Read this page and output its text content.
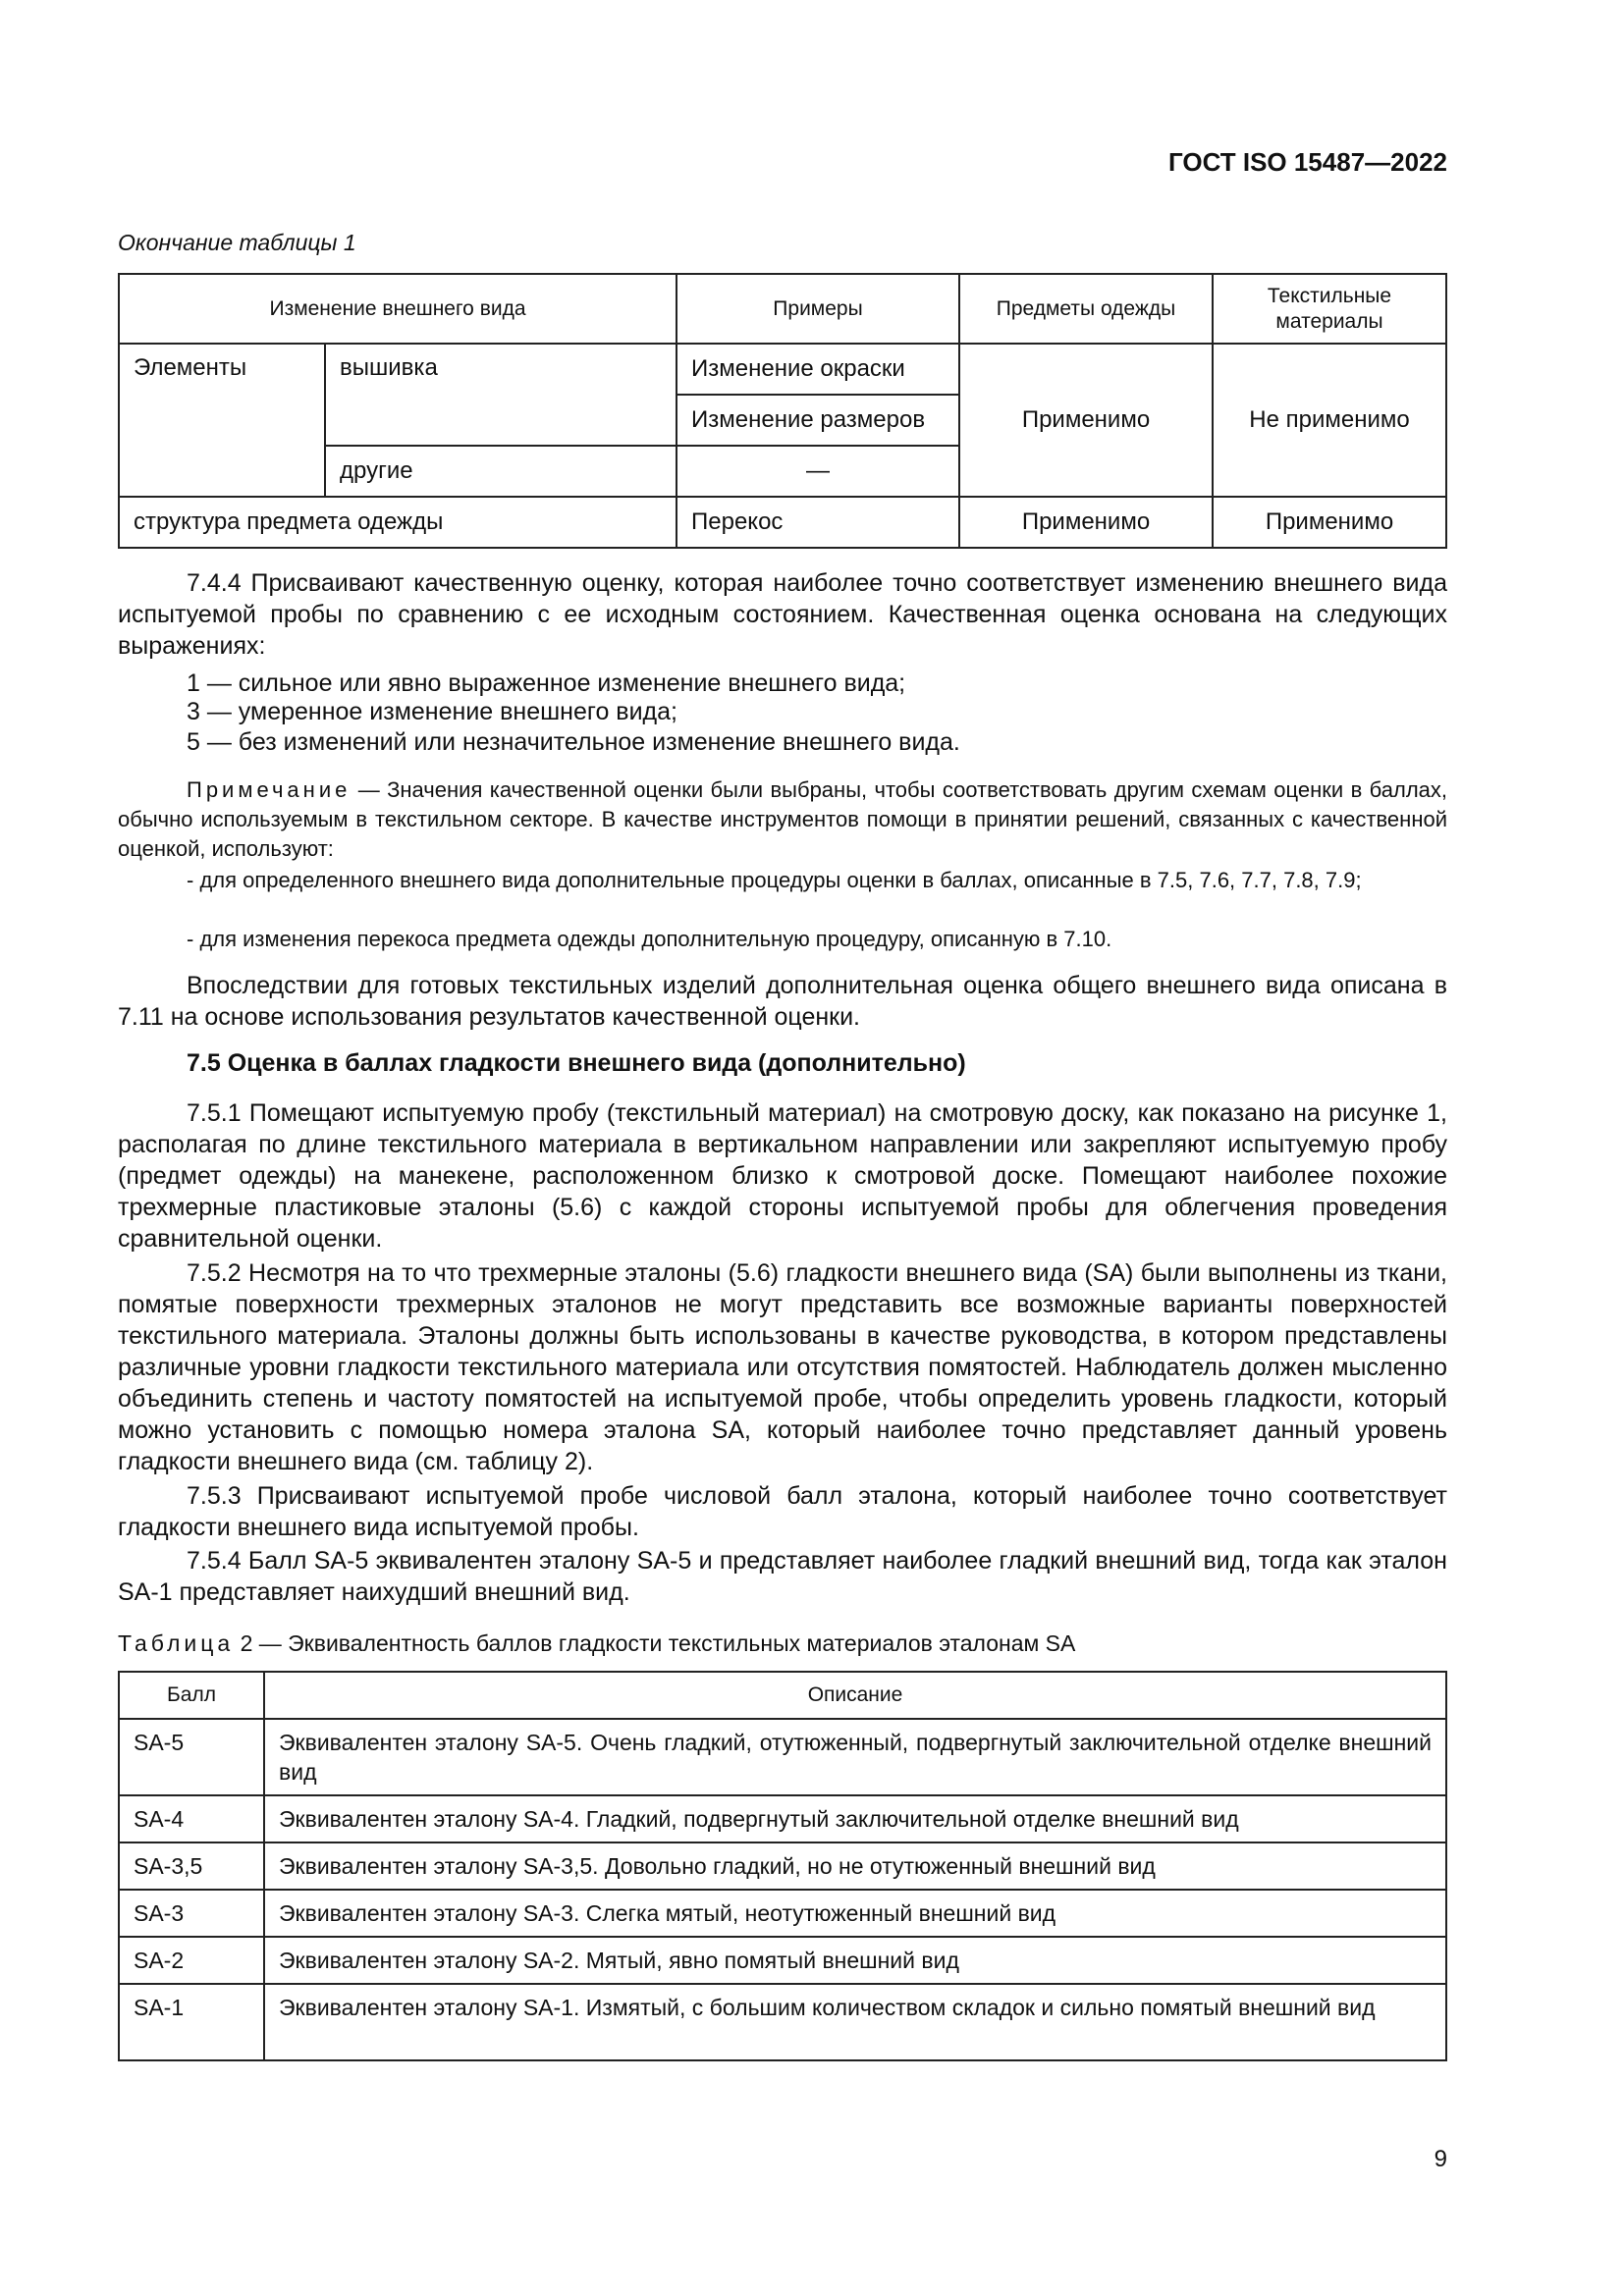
ГОСТ ISO 15487—2022
Окончание таблицы 1
Изменение внешнего вида		Примеры	Предметы одежды	Текстильные материалы
Элементы	вышивка	Изменение окраски	Применимо	Не применимо
		Изменение размеров		
	другие	—		
структура предмета одежды		Перекос	Применимо	Применимо
7.4.4 Присваивают качественную оценку, которая наиболее точно соответствует изменению внешнего вида испытуемой пробы по сравнению с ее исходным состоянием. Качественная оценка основана на следующих выражениях:
1 — сильное или явно выраженное изменение внешнего вида;
3 — умеренное изменение внешнего вида;
5 — без изменений или незначительное изменение внешнего вида.
Примечание — Значения качественной оценки были выбраны, чтобы соответствовать другим схемам оценки в баллах, обычно используемым в текстильном секторе. В качестве инструментов помощи в принятии решений, связанных с качественной оценкой, используют:
- для определенного внешнего вида дополнительные процедуры оценки в баллах, описанные в 7.5, 7.6, 7.7, 7.8, 7.9;
- для изменения перекоса предмета одежды дополнительную процедуру, описанную в 7.10.
Впоследствии для готовых текстильных изделий дополнительная оценка общего внешнего вида описана в 7.11 на основе использования результатов качественной оценки.
7.5 Оценка в баллах гладкости внешнего вида (дополнительно)
7.5.1 Помещают испытуемую пробу (текстильный материал) на смотровую доску, как показано на рисунке 1, располагая по длине текстильного материала в вертикальном направлении или закрепляют испытуемую пробу (предмет одежды) на манекене, расположенном близко к смотровой доске. Помещают наиболее похожие трехмерные пластиковые эталоны (5.6) с каждой стороны испытуемой пробы для облегчения проведения сравнительной оценки.
7.5.2 Несмотря на то что трехмерные эталоны (5.6) гладкости внешнего вида (SA) были выполнены из ткани, помятые поверхности трехмерных эталонов не могут представить все возможные варианты поверхностей текстильного материала. Эталоны должны быть использованы в качестве руководства, в котором представлены различные уровни гладкости текстильного материала или отсутствия помятостей. Наблюдатель должен мысленно объединить степень и частоту помятостей на испытуемой пробе, чтобы определить уровень гладкости, который можно установить с помощью номера эталона SA, который наиболее точно представляет данный уровень гладкости внешнего вида (см. таблицу 2).
7.5.3 Присваивают испытуемой пробе числовой балл эталона, который наиболее точно соответствует гладкости внешнего вида испытуемой пробы.
7.5.4 Балл SA-5 эквивалентен эталону SA-5 и представляет наиболее гладкий внешний вид, тогда как эталон SA-1 представляет наихудший внешний вид.
Таблица 2 — Эквивалентность баллов гладкости текстильных материалов эталонам SA
Балл	Описание
SA-5	Эквивалентен эталону SA-5. Очень гладкий, отутюженный, подвергнутый заключительной отделке внешний вид
SA-4	Эквивалентен эталону SA-4. Гладкий, подвергнутый заключительной отделке внешний вид
SA-3,5	Эквивалентен эталону SA-3,5. Довольно гладкий, но не отутюженный внешний вид
SA-3	Эквивалентен эталону SA-3. Слегка мятый, неотутюженный внешний вид
SA-2	Эквивалентен эталону SA-2. Мятый, явно помятый внешний вид
SA-1	Эквивалентен эталону SA-1. Измятый, с большим количеством складок и сильно помятый внешний вид
9
